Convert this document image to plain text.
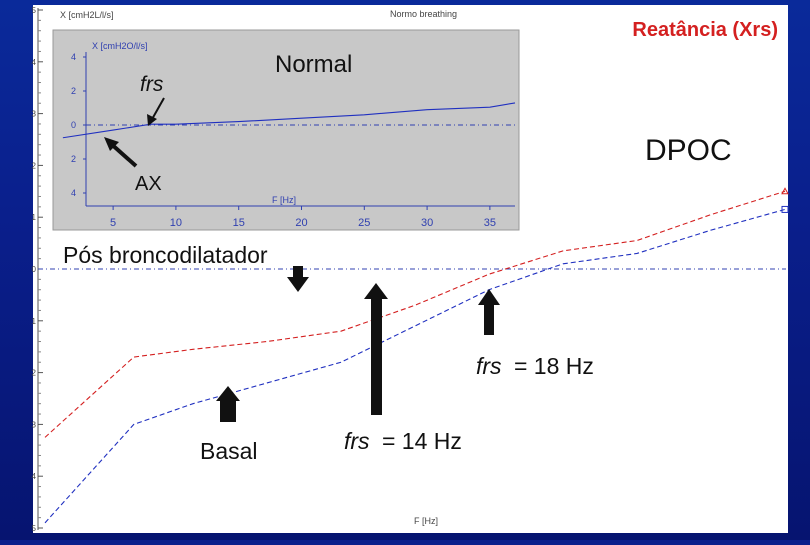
5
4
3
2
1
0
1
2
3
4
5
X [cmH2L/l/s]	Normo breathing
F [Hz]
4
2
0
2
4
5	10	15	20	25	30	35
X [cmH2O/l/s]
F [Hz]
Reatância (Xrs)
Normal
frs
AX
DPOC
Pós broncodilatador
frs = 18 Hz
Basal	frs = 14 Hz
